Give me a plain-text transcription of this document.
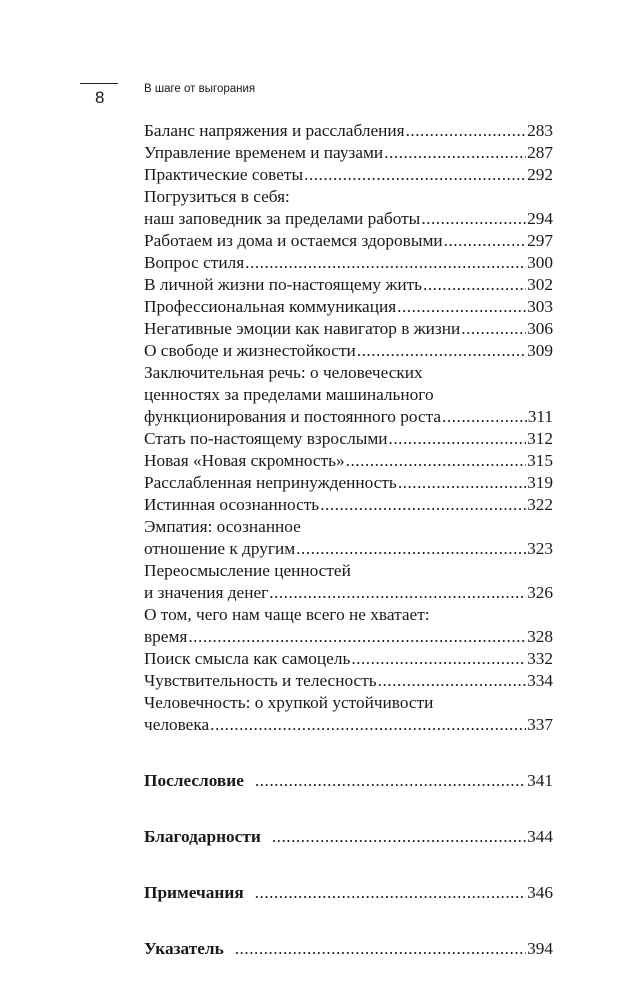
8	В шаге от выгорания
Баланс напряжения и расслабления .....	283
Управление временем и паузами .....	287
Практические советы .....	292
Погрузиться в себя:
наш заповедник за пределами работы .....	294
Работаем из дома и остаемся здоровыми .....	297
Вопрос стиля .....	300
В личной жизни по-настоящему жить .....	302
Профессиональная коммуникация .....	303
Негативные эмоции как навигатор в жизни .....	306
О свободе и жизнестойкости .....	309
Заключительная речь: о человеческих
ценностях за пределами машинального
функционирования и постоянного роста .....	311
Стать по-настоящему взрослыми .....	312
Новая «Новая скромность» .....	315
Расслабленная непринужденность .....	319
Истинная осознанность .....	322
Эмпатия: осознанное
отношение к другим .....	323
Переосмысление ценностей
и значения денег .....	326
О том, чего нам чаще всего не хватает:
время .....	328
Поиск смысла как самоцель .....	332
Чувствительность и телесность .....	334
Человечность: о хрупкой устойчивости
человека .....	337
Послесловие .....	341
Благодарности .....	344
Примечания .....	346
Указатель .....	394
